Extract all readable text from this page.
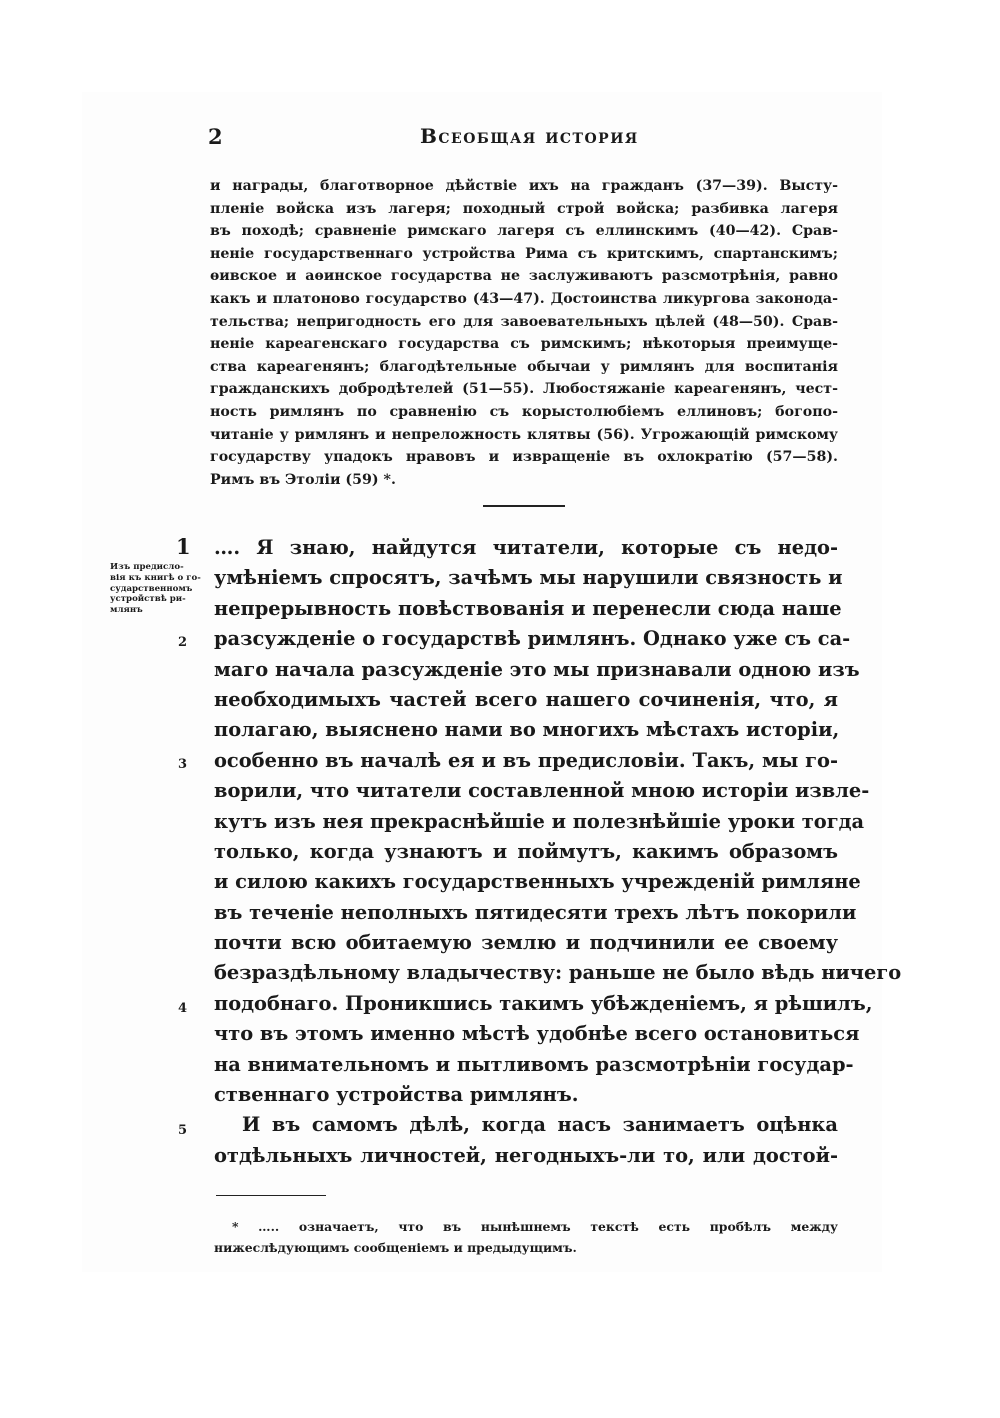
2	Всеобщая история
и награды, благотворное дѣйствіе ихъ на гражданъ (37—39). Высту-
пленіе войска изъ лагеря; походный строй войска; разбивка лагеря
въ походѣ; сравненіе римскаго лагеря съ еллинскимъ (40—42). Срав-
неніе государственнаго устройства Рима съ критскимъ, спартанскимъ;
ѳивское и аѳинское государства не заслуживаютъ разсмотрѣнія, равно
какъ и платоново государство (43—47). Достоинства ликургова законода-
тельства; непригодность его для завоевательныхъ цѣлей (48—50). Срав-
неніе кареагенскаго государства съ римскимъ; нѣкоторыя преимуще-
ства кареагенянъ; благодѣтельные обычаи у римлянъ для воспитанія
гражданскихъ добродѣтелей (51—55). Любостяжаніе кареагенянъ, чест-
ность римлянъ по сравненію съ корыстолюбіемъ еллиновъ; богопо-
читаніе у римлянъ и непреложность клятвы (56). Угрожающій римскому
государству упадокъ нравовъ и извращеніе въ охлократію (57—58).
Римъ въ Этоліи (59) *.
1
Изъ предисло-
вія къ книгѣ о го-
сударственномъ
устройствѣ ри-
млянъ
2
3
4
5
…. Я знаю, найдутся читатели, которые съ недо-
умѣніемъ спросятъ, зачѣмъ мы нарушили связность и
непрерывность повѣствованія и перенесли сюда наше
разсужденіе о государствѣ римлянъ. Однако уже съ са-
маго начала разсужденіе это мы признавали одною изъ
необходимыхъ частей всего нашего сочиненія, что, я
полагаю, выяснено нами во многихъ мѣстахъ исторіи,
особенно въ началѣ ея и въ предисловіи. Такъ, мы го-
ворили, что читатели составленной мною исторіи извле-
кутъ изъ нея прекраснѣйшіе и полезнѣйшіе уроки тогда
только, когда узнаютъ и поймутъ, какимъ образомъ
и силою какихъ государственныхъ учрежденій римляне
въ теченіе неполныхъ пятидесяти трехъ лѣтъ покорили
почти всю обитаемую землю и подчинили ее своему
безраздѣльному владычеству: раньше не было вѣдь ничего
подобнаго. Проникшись такимъ убѣжденіемъ, я рѣшилъ,
что въ этомъ именно мѣстѣ удобнѣе всего остановиться
на внимательномъ и пытливомъ разсмотрѣніи государ-
ственнаго устройства римлянъ.
И въ самомъ дѣлѣ, когда насъ занимаетъ оцѣнка
отдѣльныхъ личностей, негодныхъ-ли то, или достой-
* ….. означаетъ, что въ нынѣшнемъ текстѣ есть пробѣлъ между
нижеслѣдующимъ сообщеніемъ и предыдущимъ.
